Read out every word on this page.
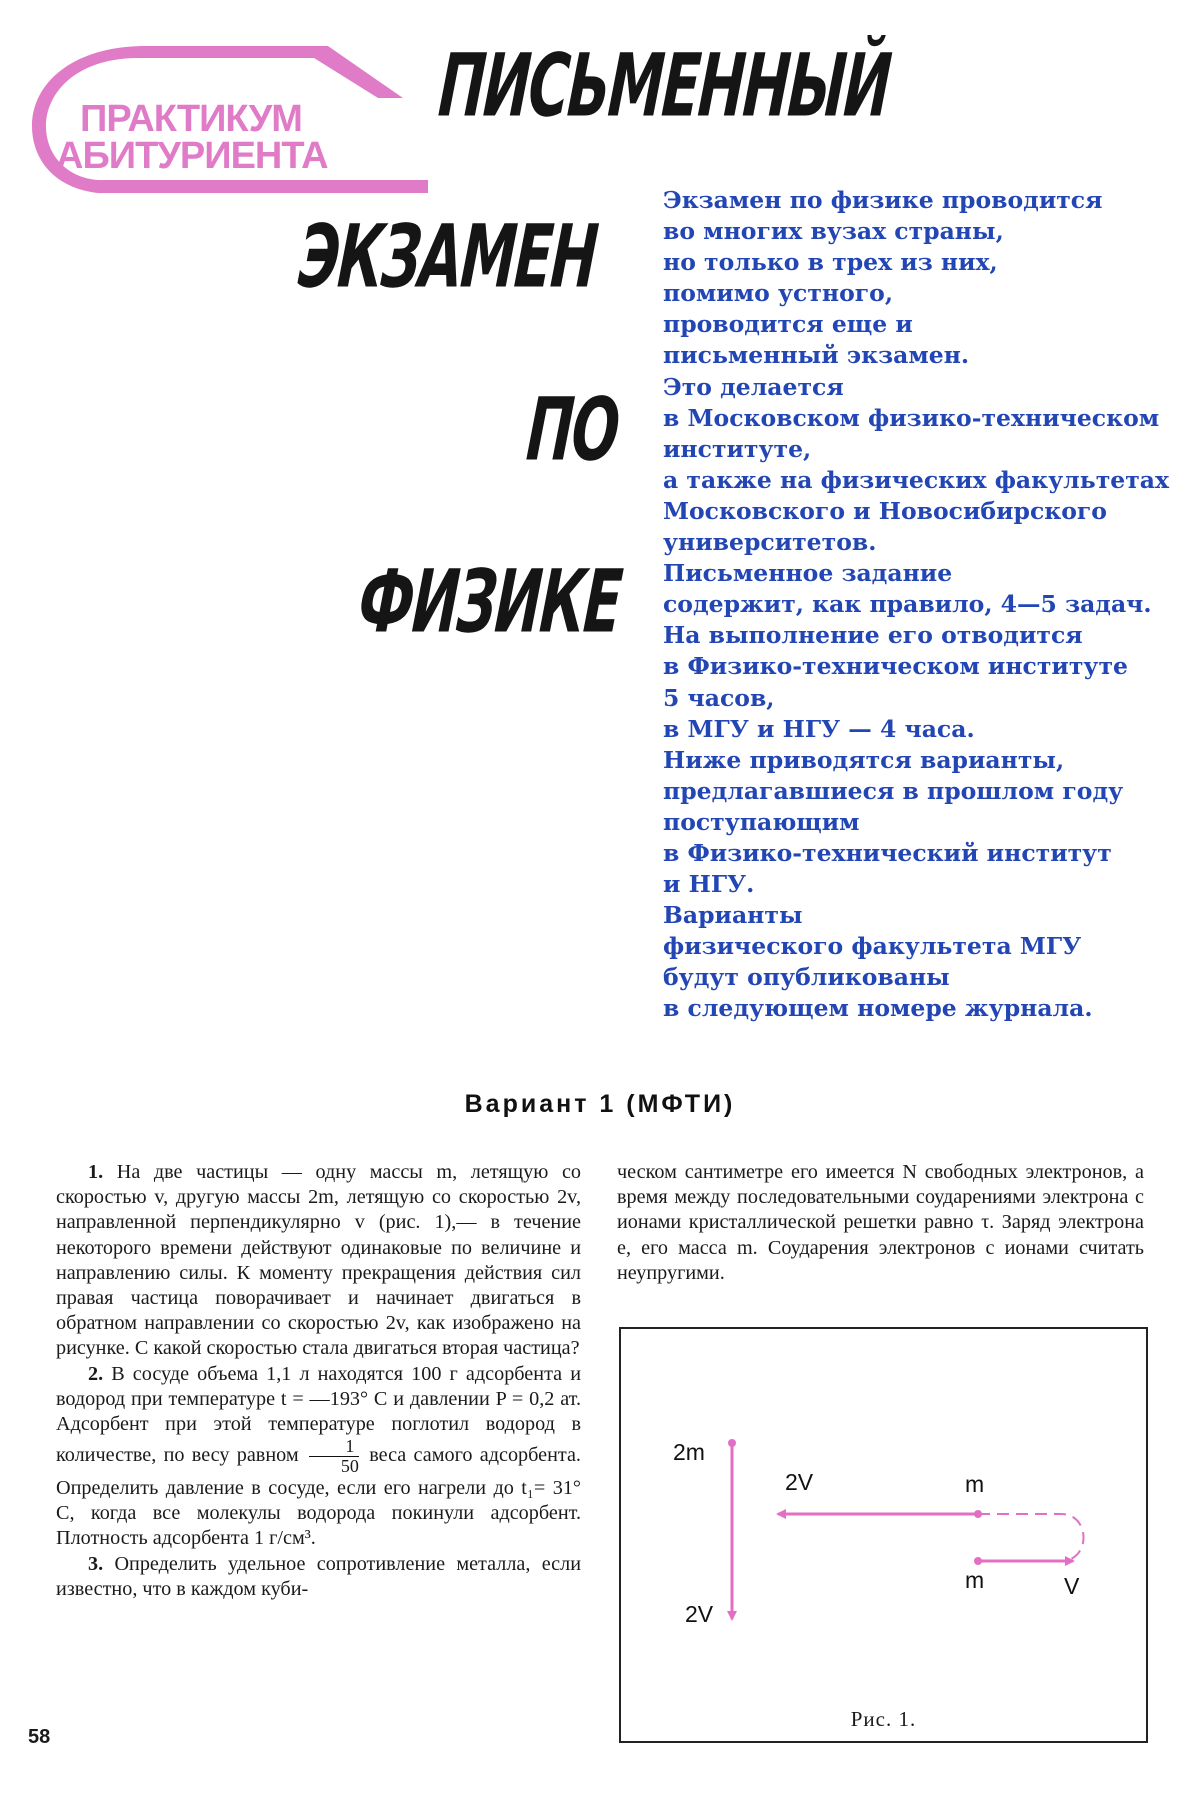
ПРАКТИКУМ
АБИТУРИЕНТА
ПИСЬМЕННЫЙ
ЭКЗАМЕН
ПО
ФИЗИКЕ
Экзамен по физике проводится
во многих вузах страны,
но только в трех из них,
помимо устного,
проводится еще и
письменный экзамен.
Это делается
в Московском физико-техническом
институте,
а также на физических факультетах
Московского и Новосибирского
университетов.
Письменное задание
содержит, как правило, 4—5 задач.
На выполнение его отводится
в Физико-техническом институте
5 часов,
в МГУ и НГУ — 4 часа.
Ниже приводятся варианты,
предлагавшиеся в прошлом году
поступающим
в Физико-технический институт
и НГУ.
Варианты
физического факультета МГУ
будут опубликованы
в следующем номере журнала.
Вариант 1 (МФТИ)

1. На две частицы — одну массы m, летящую со скоростью v, другую массы 2m, летящую со скоростью 2v, направленной перпендикулярно v (рис. 1),— в течение некоторого времени действуют одинаковые по величине и направлению силы. К моменту прекращения действия сил правая частица поворачивает и начинает двигаться в обратном направлении со скоростью 2v, как изображено на рисунке. С какой скоростью стала двигаться вторая частица?

2. В сосуде объема 1,1 л находятся 100 г адсорбента и водород при температуре t = —193° С и давлении P = 0,2 ат. Адсорбент при этой температуре поглотил водород в количестве, по весу равном $\frac{1}{50}$ веса самого адсорбента. Определить давление в сосуде, если его нагрели до t₁= 31° С, когда все молекулы водорода покинули адсорбент. Плотность адсорбента 1 г/см³.

3. Определить удельное сопротивление металла, если известно, что в каждом куби-

ческом сантиметре его имеется N свободных электронов, а время между последовательными соударениями электрона с ионами кристаллической решетки равно τ. Заряд электрона e, его масса m. Соударения электронов с ионами считать неупругими.

2m
2V
2V	m
m	V
Рис. 1.
58
